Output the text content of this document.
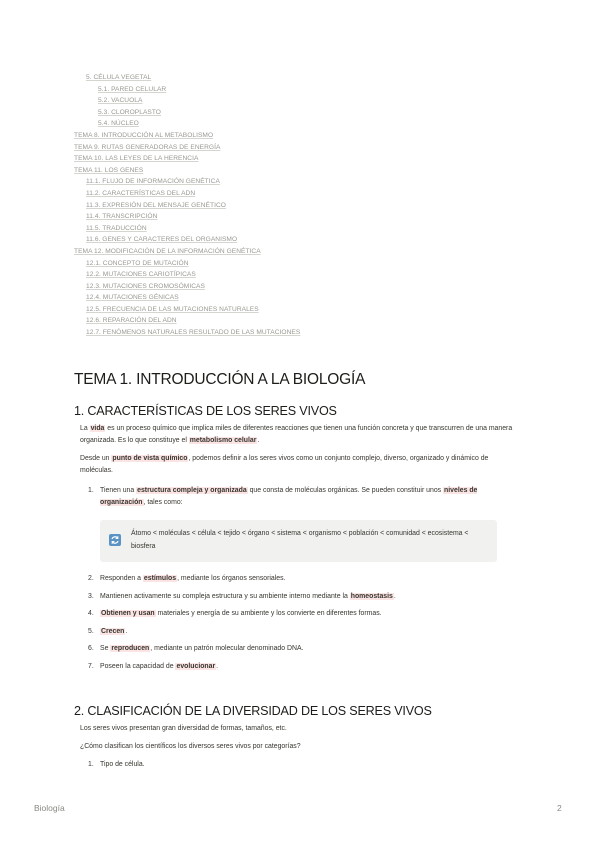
5. CÉLULA VEGETAL
5.1. PARED CELULAR
5.2. VACUOLA
5.3. CLOROPLASTO
5.4. NÚCLEO
TEMA 8. INTRODUCCIÓN AL METABOLISMO
TEMA 9. RUTAS GENERADORAS DE ENERGÍA
TEMA 10. LAS LEYES DE LA HERENCIA
TEMA 11. LOS GENES
11.1. FLUJO DE INFORMACIÓN GENÉTICA
11.2. CARACTERÍSTICAS DEL ADN
11.3. EXPRESIÓN DEL MENSAJE GENÉTICO
11.4. TRANSCRIPCIÓN
11.5. TRADUCCIÓN
11.6. GENES Y CARACTERES DEL ORGANISMO
TEMA 12. MODIFICACIÓN DE LA INFORMACIÓN GENÉTICA
12.1. CONCEPTO DE MUTACIÓN
12.2. MUTACIONES CARIOTÍPICAS
12.3. MUTACIONES CROMOSÓMICAS
12.4. MUTACIONES GÉNICAS
12.5. FRECUENCIA DE LAS MUTACIONES NATURALES
12.6. REPARACIÓN DEL ADN
12.7. FENÓMENOS NATURALES RESULTADO DE LAS MUTACIONES
TEMA 1. INTRODUCCIÓN A LA BIOLOGÍA
1. CARACTERÍSTICAS DE LOS SERES VIVOS
La vida es un proceso químico que implica miles de diferentes reacciones que tienen una función concreta y que transcurren de una manera organizada. Es lo que constituye el metabolismo celular.
Desde un punto de vista químico, podemos definir a los seres vivos como un conjunto complejo, diverso, organizado y dinámico de moléculas.
1. Tienen una estructura compleja y organizada que consta de moléculas orgánicas. Se pueden constituir unos niveles de organización, tales como:
Átomo < moléculas < célula < tejido < órgano < sistema < organismo < población < comunidad < ecosistema < biosfera
2. Responden a estímulos, mediante los órganos sensoriales.
3. Mantienen activamente su compleja estructura y su ambiente interno mediante la homeostasis.
4. Obtienen y usan materiales y energía de su ambiente y los convierte en diferentes formas.
5. Crecen.
6. Se reproducen, mediante un patrón molecular denominado DNA.
7. Poseen la capacidad de evolucionar.
2. CLASIFICACIÓN DE LA DIVERSIDAD DE LOS SERES VIVOS
Los seres vivos presentan gran diversidad de formas, tamaños, etc.
¿Cómo clasifican los científicos los diversos seres vivos por categorías?
1. Tipo de célula.
Biología	2
